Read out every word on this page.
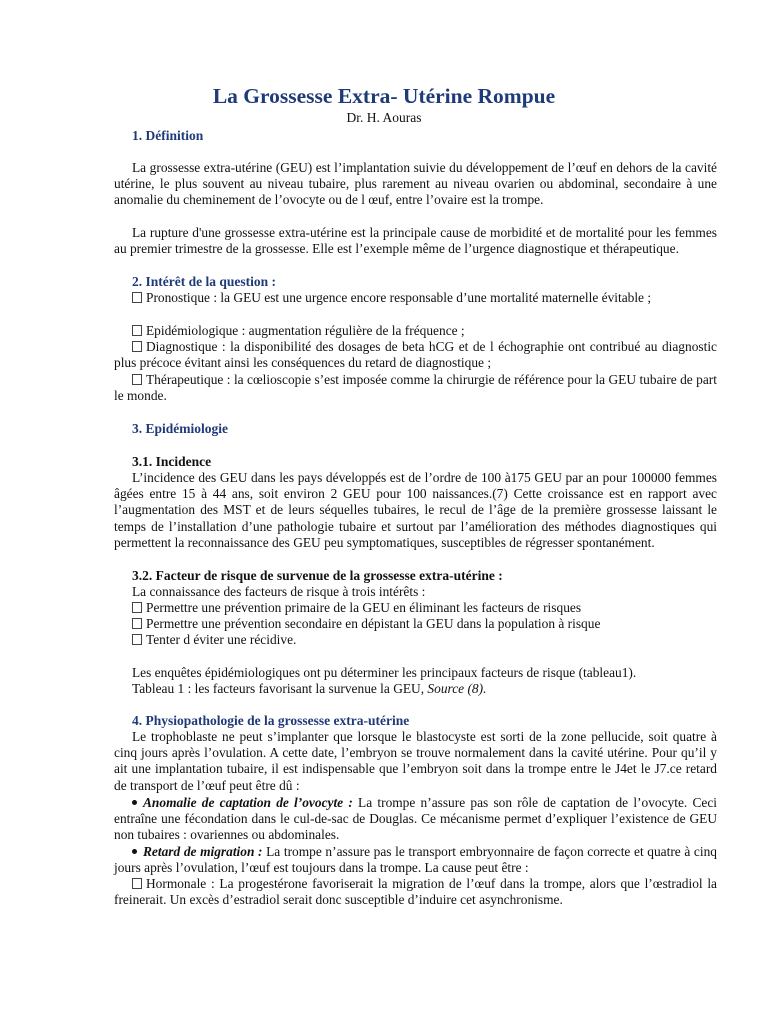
La Grossesse Extra- Utérine Rompue
Dr. H. Aouras
1. Définition

La grossesse extra-utérine (GEU) est l’implantation suivie du développement de l’œuf en dehors de la cavité utérine, le plus souvent au niveau tubaire, plus rarement au niveau ovarien ou abdominal, secondaire à une anomalie du cheminement de l’ovocyte ou de l œuf, entre l’ovaire est la trompe.

La rupture d'une grossesse extra-utérine est la principale cause de morbidité et de mortalité pour les femmes au premier trimestre de la grossesse. Elle est l’exemple même de l’urgence diagnostique et thérapeutique.

2. Intérêt de la question :

Pronostique : la GEU est une urgence encore responsable d’une mortalité maternelle évitable ;

Epidémiologique : augmentation régulière de la fréquence ;

Diagnostique : la disponibilité des dosages de beta hCG et de l échographie ont contribué au diagnostic plus précoce évitant ainsi les conséquences du retard de diagnostique ;

Thérapeutique : la cœlioscopie s’est imposée comme la chirurgie de référence pour la GEU tubaire de part le monde.

3. Epidémiologie
3.1. Incidence

L’incidence des GEU dans les pays développés est de l’ordre de 100 à175 GEU par an pour 100000 femmes âgées entre 15 à 44 ans, soit environ 2 GEU pour 100 naissances.(7) Cette croissance est en rapport avec l’augmentation des MST et de leurs séquelles tubaires, le recul de l’âge de la première grossesse laissant le temps de l’installation d’une pathologie tubaire et surtout par l’amélioration des méthodes diagnostiques qui permettent la reconnaissance des GEU peu symptomatiques, susceptibles de régresser spontanément.

3.2. Facteur de risque de survenue de la grossesse extra-utérine :
La connaissance des facteurs de risque à trois intérêts :
Permettre une prévention primaire de la GEU en éliminant les facteurs de risques
Permettre une prévention secondaire en dépistant la GEU dans la population à risque
Tenter d éviter une récidive.
Les enquêtes épidémiologiques ont pu déterminer les principaux facteurs de risque (tableau1).
Tableau 1 : les facteurs favorisant la survenue la GEU, Source (8).
4. Physiopathologie de la grossesse extra-utérine

Le trophoblaste ne peut s’implanter que lorsque le blastocyste est sorti de la zone pellucide, soit quatre à cinq jours après l’ovulation. A cette date, l’embryon se trouve normalement dans la cavité utérine. Pour qu’il y ait une implantation tubaire, il est indispensable que l’embryon soit dans la trompe entre le J4et le J7.ce retard de transport de l’œuf peut être dû :

Anomalie de captation de l’ovocyte : La trompe n’assure pas son rôle de captation de l’ovocyte. Ceci entraîne une fécondation dans le cul-de-sac de Douglas. Ce mécanisme permet d’expliquer l’existence de GEU non tubaires : ovariennes ou abdominales.

Retard de migration : La trompe n’assure pas le transport embryonnaire de façon correcte et quatre à cinq jours après l’ovulation, l’œuf est toujours dans la trompe. La cause peut être :

Hormonale : La progestérone favoriserait la migration de l’œuf dans la trompe, alors que l’œstradiol la freinerait. Un excès d’estradiol serait donc susceptible d’induire cet asynchronisme.
